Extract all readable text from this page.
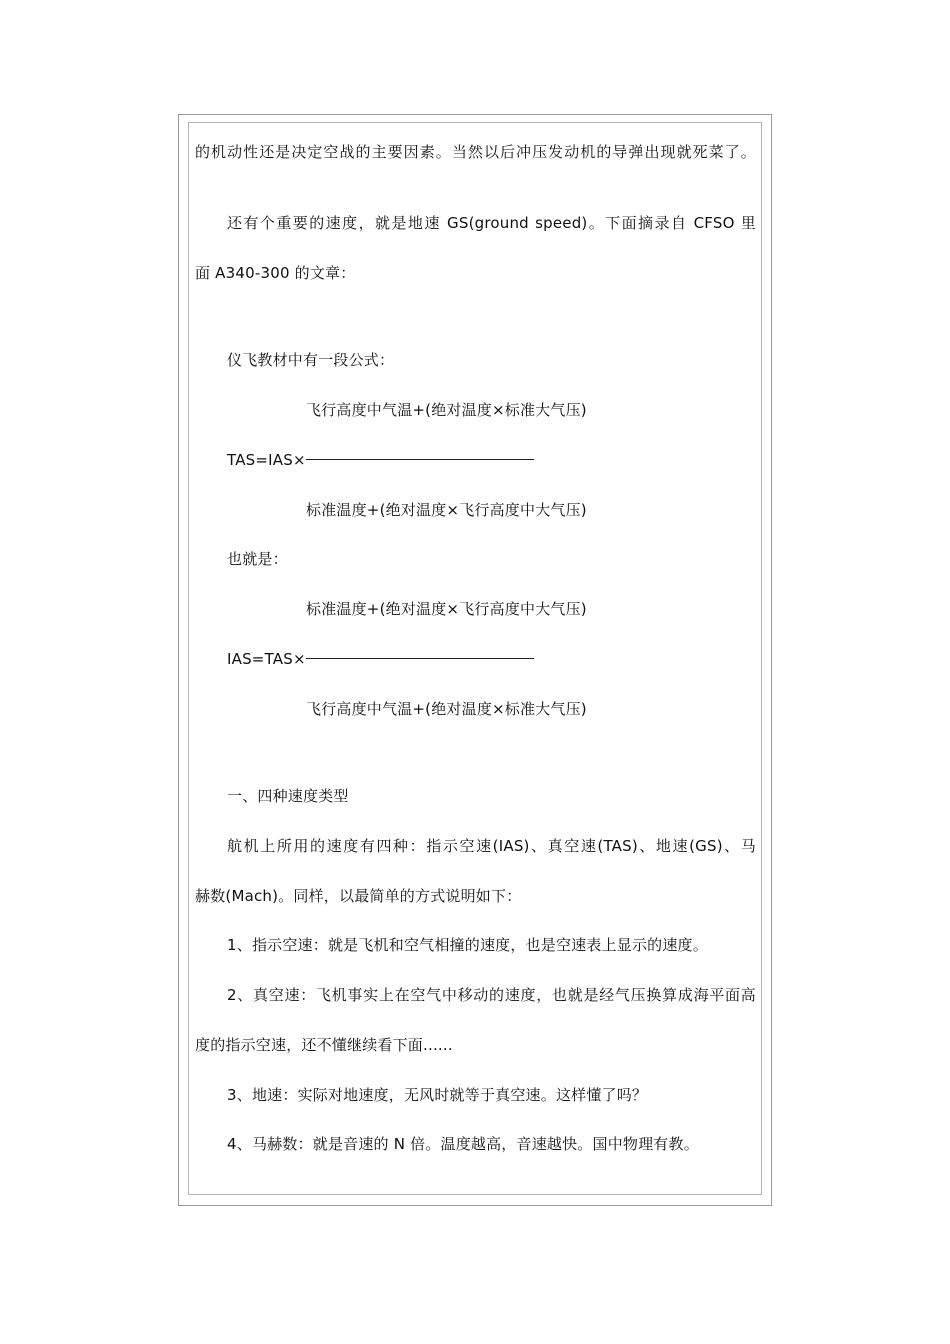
的机动性还是决定空战的主要因素。当然以后冲压发动机的导弹出现就死菜了。
还有个重要的速度，就是地速 GS(ground speed)。下面摘录自 CFSO 里
面 A340-300 的文章：
仪飞教材中有一段公式：
飞行高度中气温+(绝对温度×标准大气压)
TAS=IAS×
标准温度+(绝对温度×飞行高度中大气压)
也就是：
标准温度+(绝对温度×飞行高度中大气压)
IAS=TAS×
飞行高度中气温+(绝对温度×标准大气压)
一、四种速度类型
航机上所用的速度有四种：指示空速(IAS)、真空速(TAS)、地速(GS)、马
赫数(Mach)。同样，以最简单的方式说明如下：
1、指示空速：就是飞机和空气相撞的速度，也是空速表上显示的速度。
2、真空速：飞机事实上在空气中移动的速度，也就是经气压换算成海平面高
度的指示空速，还不懂继续看下面......
3、地速：实际对地速度，无风时就等于真空速。这样懂了吗？
4、马赫数：就是音速的 N 倍。温度越高，音速越快。国中物理有教。
